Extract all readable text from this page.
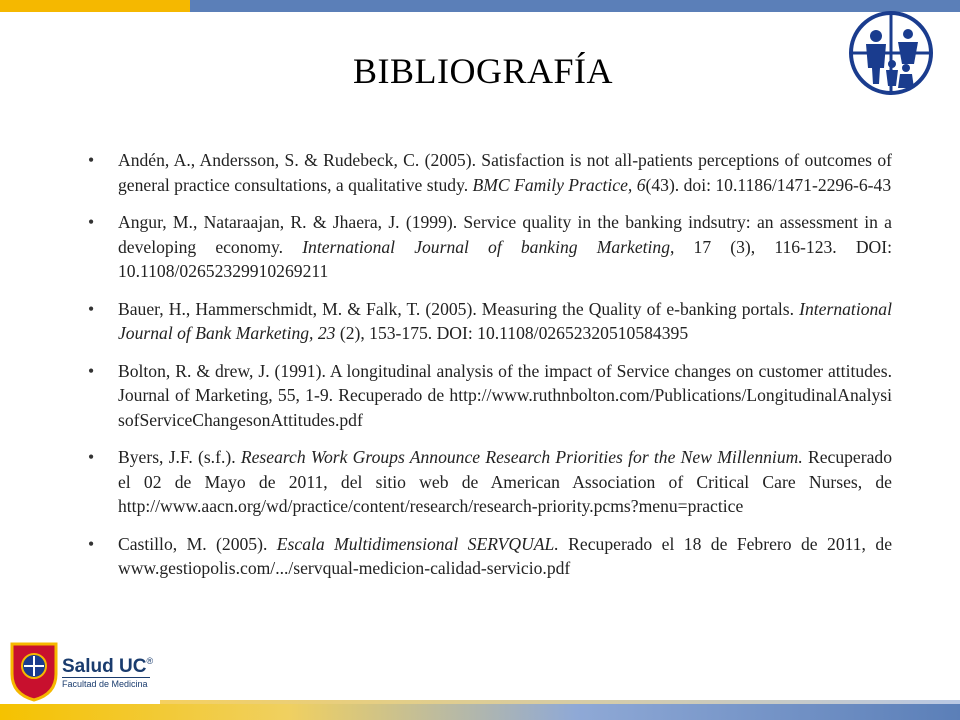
BIBLIOGRAFÍA
• Andén, A., Andersson, S. & Rudebeck, C. (2005). Satisfaction is not all-patients perceptions of outcomes of general practice consultations, a qualitative study. BMC Family Practice, 6(43). doi: 10.1186/1471-2296-6-43
• Angur, M., Nataraajan, R. & Jhaera, J. (1999). Service quality in the banking indsutry: an assessment in a developing economy. International Journal of banking Marketing, 17 (3), 116-123. DOI: 10.1108/02652329910269211
• Bauer, H., Hammerschmidt, M. & Falk, T. (2005). Measuring the Quality of e-banking portals. International Journal of Bank Marketing, 23 (2), 153-175. DOI: 10.1108/02652320510584395
• Bolton, R. & drew, J. (1991). A longitudinal analysis of the impact of Service changes on customer attitudes. Journal of Marketing, 55, 1-9. Recuperado de http://www.ruthnbolton.com/Publications/LongitudinalAnalysisofServiceChangesonAttitudes.pdf
• Byers, J.F. (s.f.). Research Work Groups Announce Research Priorities for the New Millennium. Recuperado el 02 de Mayo de 2011, del sitio web de American Association of Critical Care Nurses, de http://www.aacn.org/wd/practice/content/research/research-priority.pcms?menu=practice
• Castillo, M. (2005). Escala Multidimensional SERVQUAL. Recuperado el 18 de Febrero de 2011, de www.gestiopolis.com/.../servqual-medicion-calidad-servicio.pdf
Salud UC®
Facultad de Medicina
